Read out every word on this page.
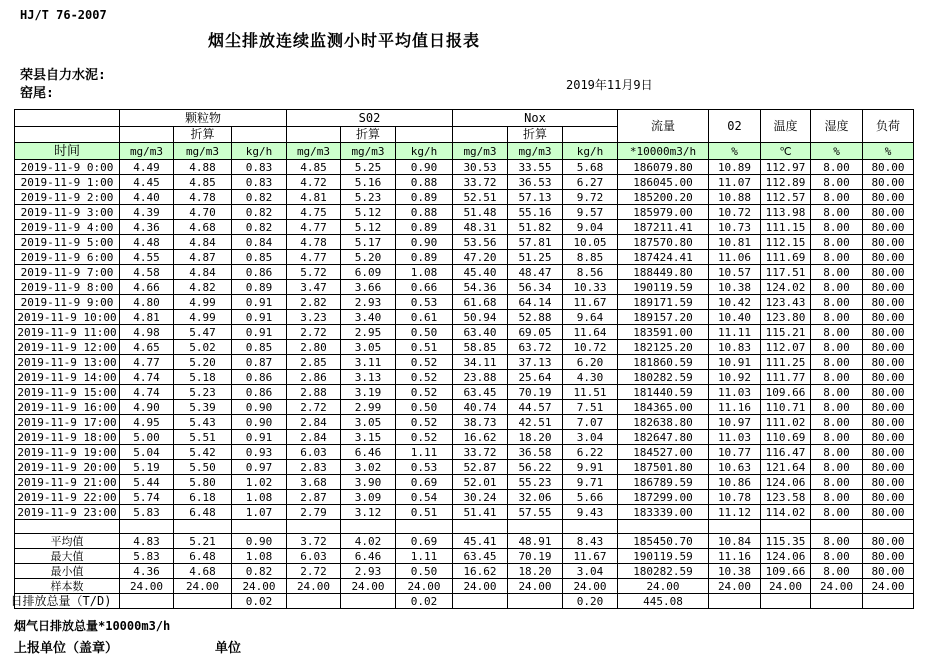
HJ/T 76-2007
烟尘排放连续监测小时平均值日报表
荣县自力水泥:
窑尾:
2019年11月9日
	颗粒物			S02			Nox			流量	02	温度	湿度	负荷
		折算			折算			折算						
时间	mg/m3	mg/m3	kg/h	mg/m3	mg/m3	kg/h	mg/m3	mg/m3	kg/h	*10000m3/h	%	℃	%	%
2019-11-9 0:00	4.49	4.88	0.83	4.85	5.25	0.90	30.53	33.55	5.68	186079.80	10.89	112.97	8.00	80.00
2019-11-9 1:00	4.45	4.85	0.83	4.72	5.16	0.88	33.72	36.53	6.27	186045.00	11.07	112.89	8.00	80.00
2019-11-9 2:00	4.40	4.78	0.82	4.81	5.23	0.89	52.51	57.13	9.72	185200.20	10.88	112.57	8.00	80.00
2019-11-9 3:00	4.39	4.70	0.82	4.75	5.12	0.88	51.48	55.16	9.57	185979.00	10.72	113.98	8.00	80.00
2019-11-9 4:00	4.36	4.68	0.82	4.77	5.12	0.89	48.31	51.82	9.04	187211.41	10.73	111.15	8.00	80.00
2019-11-9 5:00	4.48	4.84	0.84	4.78	5.17	0.90	53.56	57.81	10.05	187570.80	10.81	112.15	8.00	80.00
2019-11-9 6:00	4.55	4.87	0.85	4.77	5.20	0.89	47.20	51.25	8.85	187424.41	11.06	111.69	8.00	80.00
2019-11-9 7:00	4.58	4.84	0.86	5.72	6.09	1.08	45.40	48.47	8.56	188449.80	10.57	117.51	8.00	80.00
2019-11-9 8:00	4.66	4.82	0.89	3.47	3.66	0.66	54.36	56.34	10.33	190119.59	10.38	124.02	8.00	80.00
2019-11-9 9:00	4.80	4.99	0.91	2.82	2.93	0.53	61.68	64.14	11.67	189171.59	10.42	123.43	8.00	80.00
2019-11-9 10:00	4.81	4.99	0.91	3.23	3.40	0.61	50.94	52.88	9.64	189157.20	10.40	123.80	8.00	80.00
2019-11-9 11:00	4.98	5.47	0.91	2.72	2.95	0.50	63.40	69.05	11.64	183591.00	11.11	115.21	8.00	80.00
2019-11-9 12:00	4.65	5.02	0.85	2.80	3.05	0.51	58.85	63.72	10.72	182125.20	10.83	112.07	8.00	80.00
2019-11-9 13:00	4.77	5.20	0.87	2.85	3.11	0.52	34.11	37.13	6.20	181860.59	10.91	111.25	8.00	80.00
2019-11-9 14:00	4.74	5.18	0.86	2.86	3.13	0.52	23.88	25.64	4.30	180282.59	10.92	111.77	8.00	80.00
2019-11-9 15:00	4.74	5.23	0.86	2.88	3.19	0.52	63.45	70.19	11.51	181440.59	11.03	109.66	8.00	80.00
2019-11-9 16:00	4.90	5.39	0.90	2.72	2.99	0.50	40.74	44.57	7.51	184365.00	11.16	110.71	8.00	80.00
2019-11-9 17:00	4.95	5.43	0.90	2.84	3.05	0.52	38.73	42.51	7.07	182638.80	10.97	111.02	8.00	80.00
2019-11-9 18:00	5.00	5.51	0.91	2.84	3.15	0.52	16.62	18.20	3.04	182647.80	11.03	110.69	8.00	80.00
2019-11-9 19:00	5.04	5.42	0.93	6.03	6.46	1.11	33.72	36.58	6.22	184527.00	10.77	116.47	8.00	80.00
2019-11-9 20:00	5.19	5.50	0.97	2.83	3.02	0.53	52.87	56.22	9.91	187501.80	10.63	121.64	8.00	80.00
2019-11-9 21:00	5.44	5.80	1.02	3.68	3.90	0.69	52.01	55.23	9.71	186789.59	10.86	124.06	8.00	80.00
2019-11-9 22:00	5.74	6.18	1.08	2.87	3.09	0.54	30.24	32.06	5.66	187299.00	10.78	123.58	8.00	80.00
2019-11-9 23:00	5.83	6.48	1.07	2.79	3.12	0.51	51.41	57.55	9.43	183339.00	11.12	114.02	8.00	80.00

平均值	4.83	5.21	0.90	3.72	4.02	0.69	45.41	48.91	8.43	185450.70	10.84	115.35	8.00	80.00
最大值	5.83	6.48	1.08	6.03	6.46	1.11	63.45	70.19	11.67	190119.59	11.16	124.06	8.00	80.00
最小值	4.36	4.68	0.82	2.72	2.93	0.50	16.62	18.20	3.04	180282.59	10.38	109.66	8.00	80.00
样本数	24.00	24.00	24.00	24.00	24.00	24.00	24.00	24.00	24.00	24.00	24.00	24.00	24.00	24.00
日排放总量（T/D)			0.02			0.02			0.20	445.08				
烟气日排放总量*10000m3/h
上报单位（盖章）	单位
